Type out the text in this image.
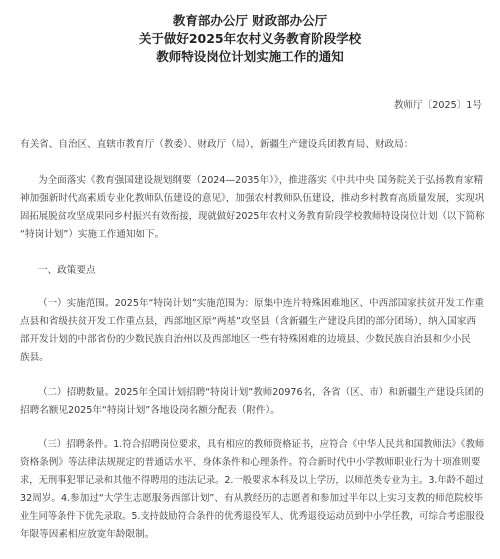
教育部办公厅 财政部办公厅
关于做好2025年农村义务教育阶段学校
教师特设岗位计划实施工作的通知
教师厅〔2025〕1号
有关省、自治区、直辖市教育厅（教委）、财政厅（局），新疆生产建设兵团教育局、财政局：
为全面落实《教育强国建设规划纲要（2024—2035年）》，推进落实《中共中央 国务院关于弘扬教育家精
神加强新时代高素质专业化教师队伍建设的意见》，加强农村教师队伍建设，推动乡村教育高质量发展，实现巩
固拓展脱贫攻坚成果同乡村振兴有效衔接，现就做好2025年农村义务教育阶段学校教师特设岗位计划（以下简称
“特岗计划”）实施工作通知如下。
一、政策要点
（一）实施范围。2025年“特岗计划”实施范围为：原集中连片特殊困难地区、中西部国家扶贫开发工作重
点县和省级扶贫开发工作重点县，西部地区原“两基”攻坚县（含新疆生产建设兵团的部分团场），纳入国家西
部开发计划的中部省份的少数民族自治州以及西部地区一些有特殊困难的边境县、少数民族自治县和少小民
族县。
（二）招聘数量。2025年全国计划招聘“特岗计划”教师20976名，各省（区、市）和新疆生产建设兵团的
招聘名额见2025年“特岗计划”各地设岗名额分配表（附件）。
（三）招聘条件。1.符合招聘岗位要求，具有相应的教师资格证书，应符合《中华人民共和国教师法》《教师
资格条例》等法律法规规定的普通话水平、身体条件和心理条件。符合新时代中小学教师职业行为十项准则要
求，无刑事犯罪记录和其他不得聘用的违法记录。2.一般要求本科及以上学历，以师范类专业为主。3.年龄不超过
32周岁。4.参加过“大学生志愿服务西部计划”、有从教经历的志愿者和参加过半年以上实习支教的师范院校毕
业生同等条件下优先录取。5.支持鼓励符合条件的优秀退役军人、优秀退役运动员到中小学任教，可综合考虑服役
年限等因素相应放宽年龄限制。
